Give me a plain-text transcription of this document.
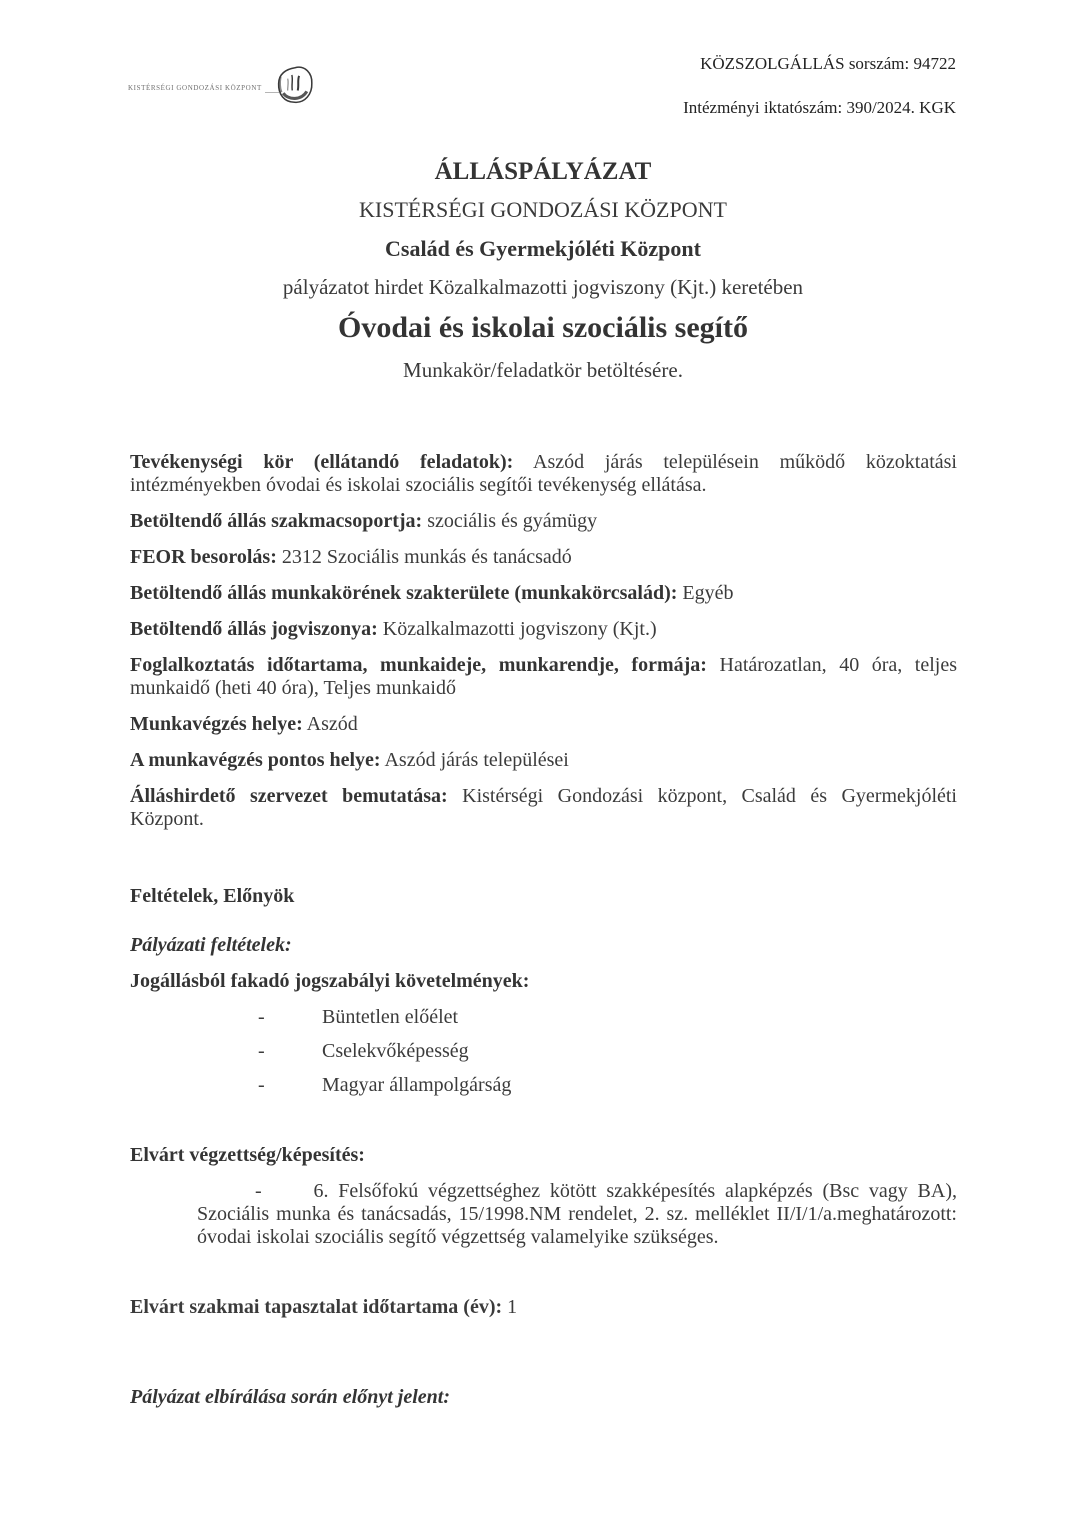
KISTÉRSÉGI GONDOZÁSI KÖZPONT

KÖZSZOLGÁLLÁS sorszám: 94722

Intézményi iktatószám: 390/2024. KGK

ÁLLÁSPÁLYÁZAT

KISTÉRSÉGI GONDOZÁSI KÖZPONT

Család és Gyermekjóléti Központ

pályázatot hirdet Közalkalmazotti jogviszony (Kjt.) keretében

Óvodai és iskolai szociális segítő

Munkakör/feladatkör betöltésére.

Tevékenységi kör (ellátandó feladatok): Aszód járás településein működő közoktatási intézményekben óvodai és iskolai szociális segítői tevékenység ellátása.

Betöltendő állás szakmacsoportja: szociális és gyámügy

FEOR besorolás: 2312 Szociális munkás és tanácsadó

Betöltendő állás munkakörének szakterülete (munkakörcsalád): Egyéb

Betöltendő állás jogviszonya: Közalkalmazotti jogviszony (Kjt.)

Foglalkoztatás időtartama, munkaideje, munkarendje, formája: Határozatlan, 40 óra, teljes munkaidő (heti 40 óra), Teljes munkaidő

Munkavégzés helye: Aszód

A munkavégzés pontos helye: Aszód járás települései

Álláshirdető szervezet bemutatása: Kistérségi Gondozási központ, Család és Gyermekjóléti Központ.

Feltételek, Előnyök

Pályázati feltételek:

Jogállásból fakadó jogszabályi követelmények:

-	Büntetlen előélet
-	Cselekvőképesség
-	Magyar állampolgárság

Elvárt végzettség/képesítés:

-	6. Felsőfokú végzettséghez kötött szakképesítés alapképzés (Bsc vagy BA), Szociális munka és tanácsadás, 15/1998.NM rendelet, 2. sz. melléklet II/I/1/a.meghatározott: óvodai iskolai szociális segítő végzettség valamelyike szükséges.

Elvárt szakmai tapasztalat időtartama (év): 1

Pályázat elbírálása során előnyt jelent:
